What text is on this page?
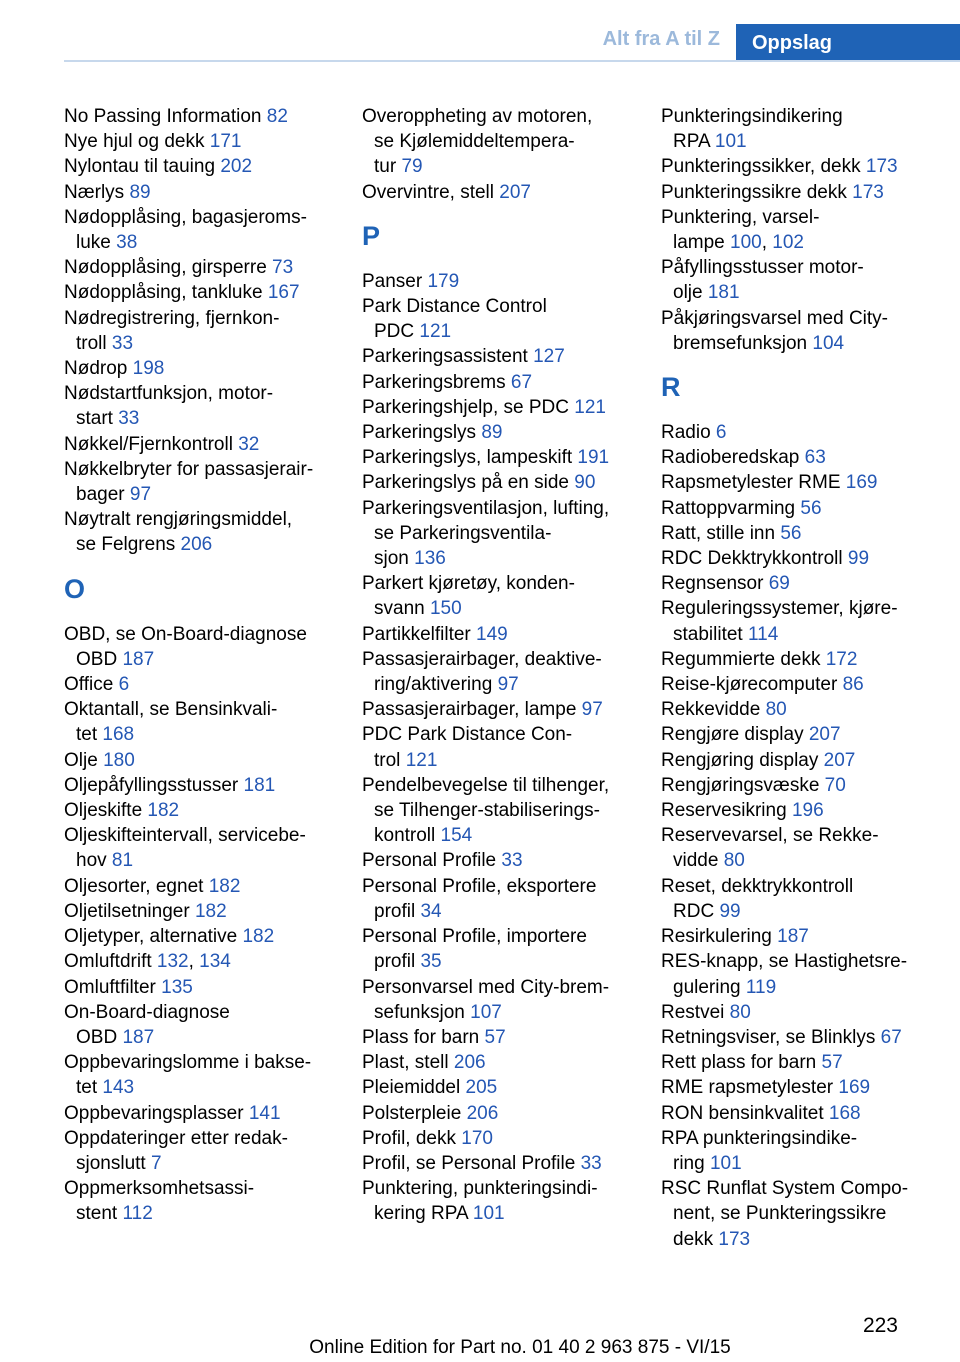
Alt fra A til Z	Oppslag
No Passing Information 82
Nye hjul og dekk 171
Nylontau til tauing 202
Nærlys 89
Nødopplåsing, bagasjeroms-
luke 38
Nødopplåsing, girsperre 73
Nødopplåsing, tankluke 167
Nødregistrering, fjernkon-
troll 33
Nødrop 198
Nødstartfunksjon, motor-
start 33
Nøkkel/Fjernkontroll 32
Nøkkelbryter for passasjerair-
bager 97
Nøytralt rengjøringsmiddel,
se Felgrens 206
O
OBD, se On-Board-diagnose
OBD 187
Office 6
Oktantall, se Bensinkvali-
tet 168
Olje 180
Oljepåfyllingsstusser 181
Oljeskifte 182
Oljeskifteintervall, servicebe-
hov 81
Oljesorter, egnet 182
Oljetilsetninger 182
Oljetyper, alternative 182
Omluftdrift 132, 134
Omluftfilter 135
On-Board-diagnose
OBD 187
Oppbevaringslomme i bakse-
tet 143
Oppbevaringsplasser 141
Oppdateringer etter redak-
sjonslutt 7
Oppmerksomhetsassi-
stent 112
Overoppheting av motoren,
se Kjølemiddeltempera-
tur 79
Overvintre, stell 207
P
Panser 179
Park Distance Control
PDC 121
Parkeringsassistent 127
Parkeringsbrems 67
Parkeringshjelp, se PDC 121
Parkeringslys 89
Parkeringslys, lampeskift 191
Parkeringslys på en side 90
Parkeringsventilasjon, lufting,
se Parkeringsventila-
sjon 136
Parkert kjøretøy, konden-
svann 150
Partikkelfilter 149
Passasjerairbager, deaktive-
ring/aktivering 97
Passasjerairbager, lampe 97
PDC Park Distance Con-
trol 121
Pendelbevegelse til tilhenger,
se Tilhenger-stabiliserings-
kontroll 154
Personal Profile 33
Personal Profile, eksportere
profil 34
Personal Profile, importere
profil 35
Personvarsel med City-brem-
sefunksjon 107
Plass for barn 57
Plast, stell 206
Pleiemiddel 205
Polsterpleie 206
Profil, dekk 170
Profil, se Personal Profile 33
Punktering, punkteringsindi-
kering RPA 101
Punkteringsindikering
RPA 101
Punkteringssikker, dekk 173
Punkteringssikre dekk 173
Punktering, varsel-
lampe 100, 102
Påfyllingsstusser motor-
olje 181
Påkjøringsvarsel med City-
bremsefunksjon 104
R
Radio 6
Radioberedskap 63
Rapsmetylester RME 169
Rattoppvarming 56
Ratt, stille inn 56
RDC Dekktrykkontroll 99
Regnsensor 69
Reguleringssystemer, kjøre-
stabilitet 114
Regummierte dekk 172
Reise-kjørecomputer 86
Rekkevidde 80
Rengjøre display 207
Rengjøring display 207
Rengjøringsvæske 70
Reservesikring 196
Reservevarsel, se Rekke-
vidde 80
Reset, dekktrykkontroll
RDC 99
Resirkulering 187
RES-knapp, se Hastighetsre-
gulering 119
Restvei 80
Retningsviser, se Blinklys 67
Rett plass for barn 57
RME rapsmetylester 169
RON bensinkvalitet 168
RPA punkteringsindike-
ring 101
RSC Runflat System Compo-
nent, se Punkteringssikre
dekk 173
223
Online Edition for Part no. 01 40 2 963 875 - VI/15
